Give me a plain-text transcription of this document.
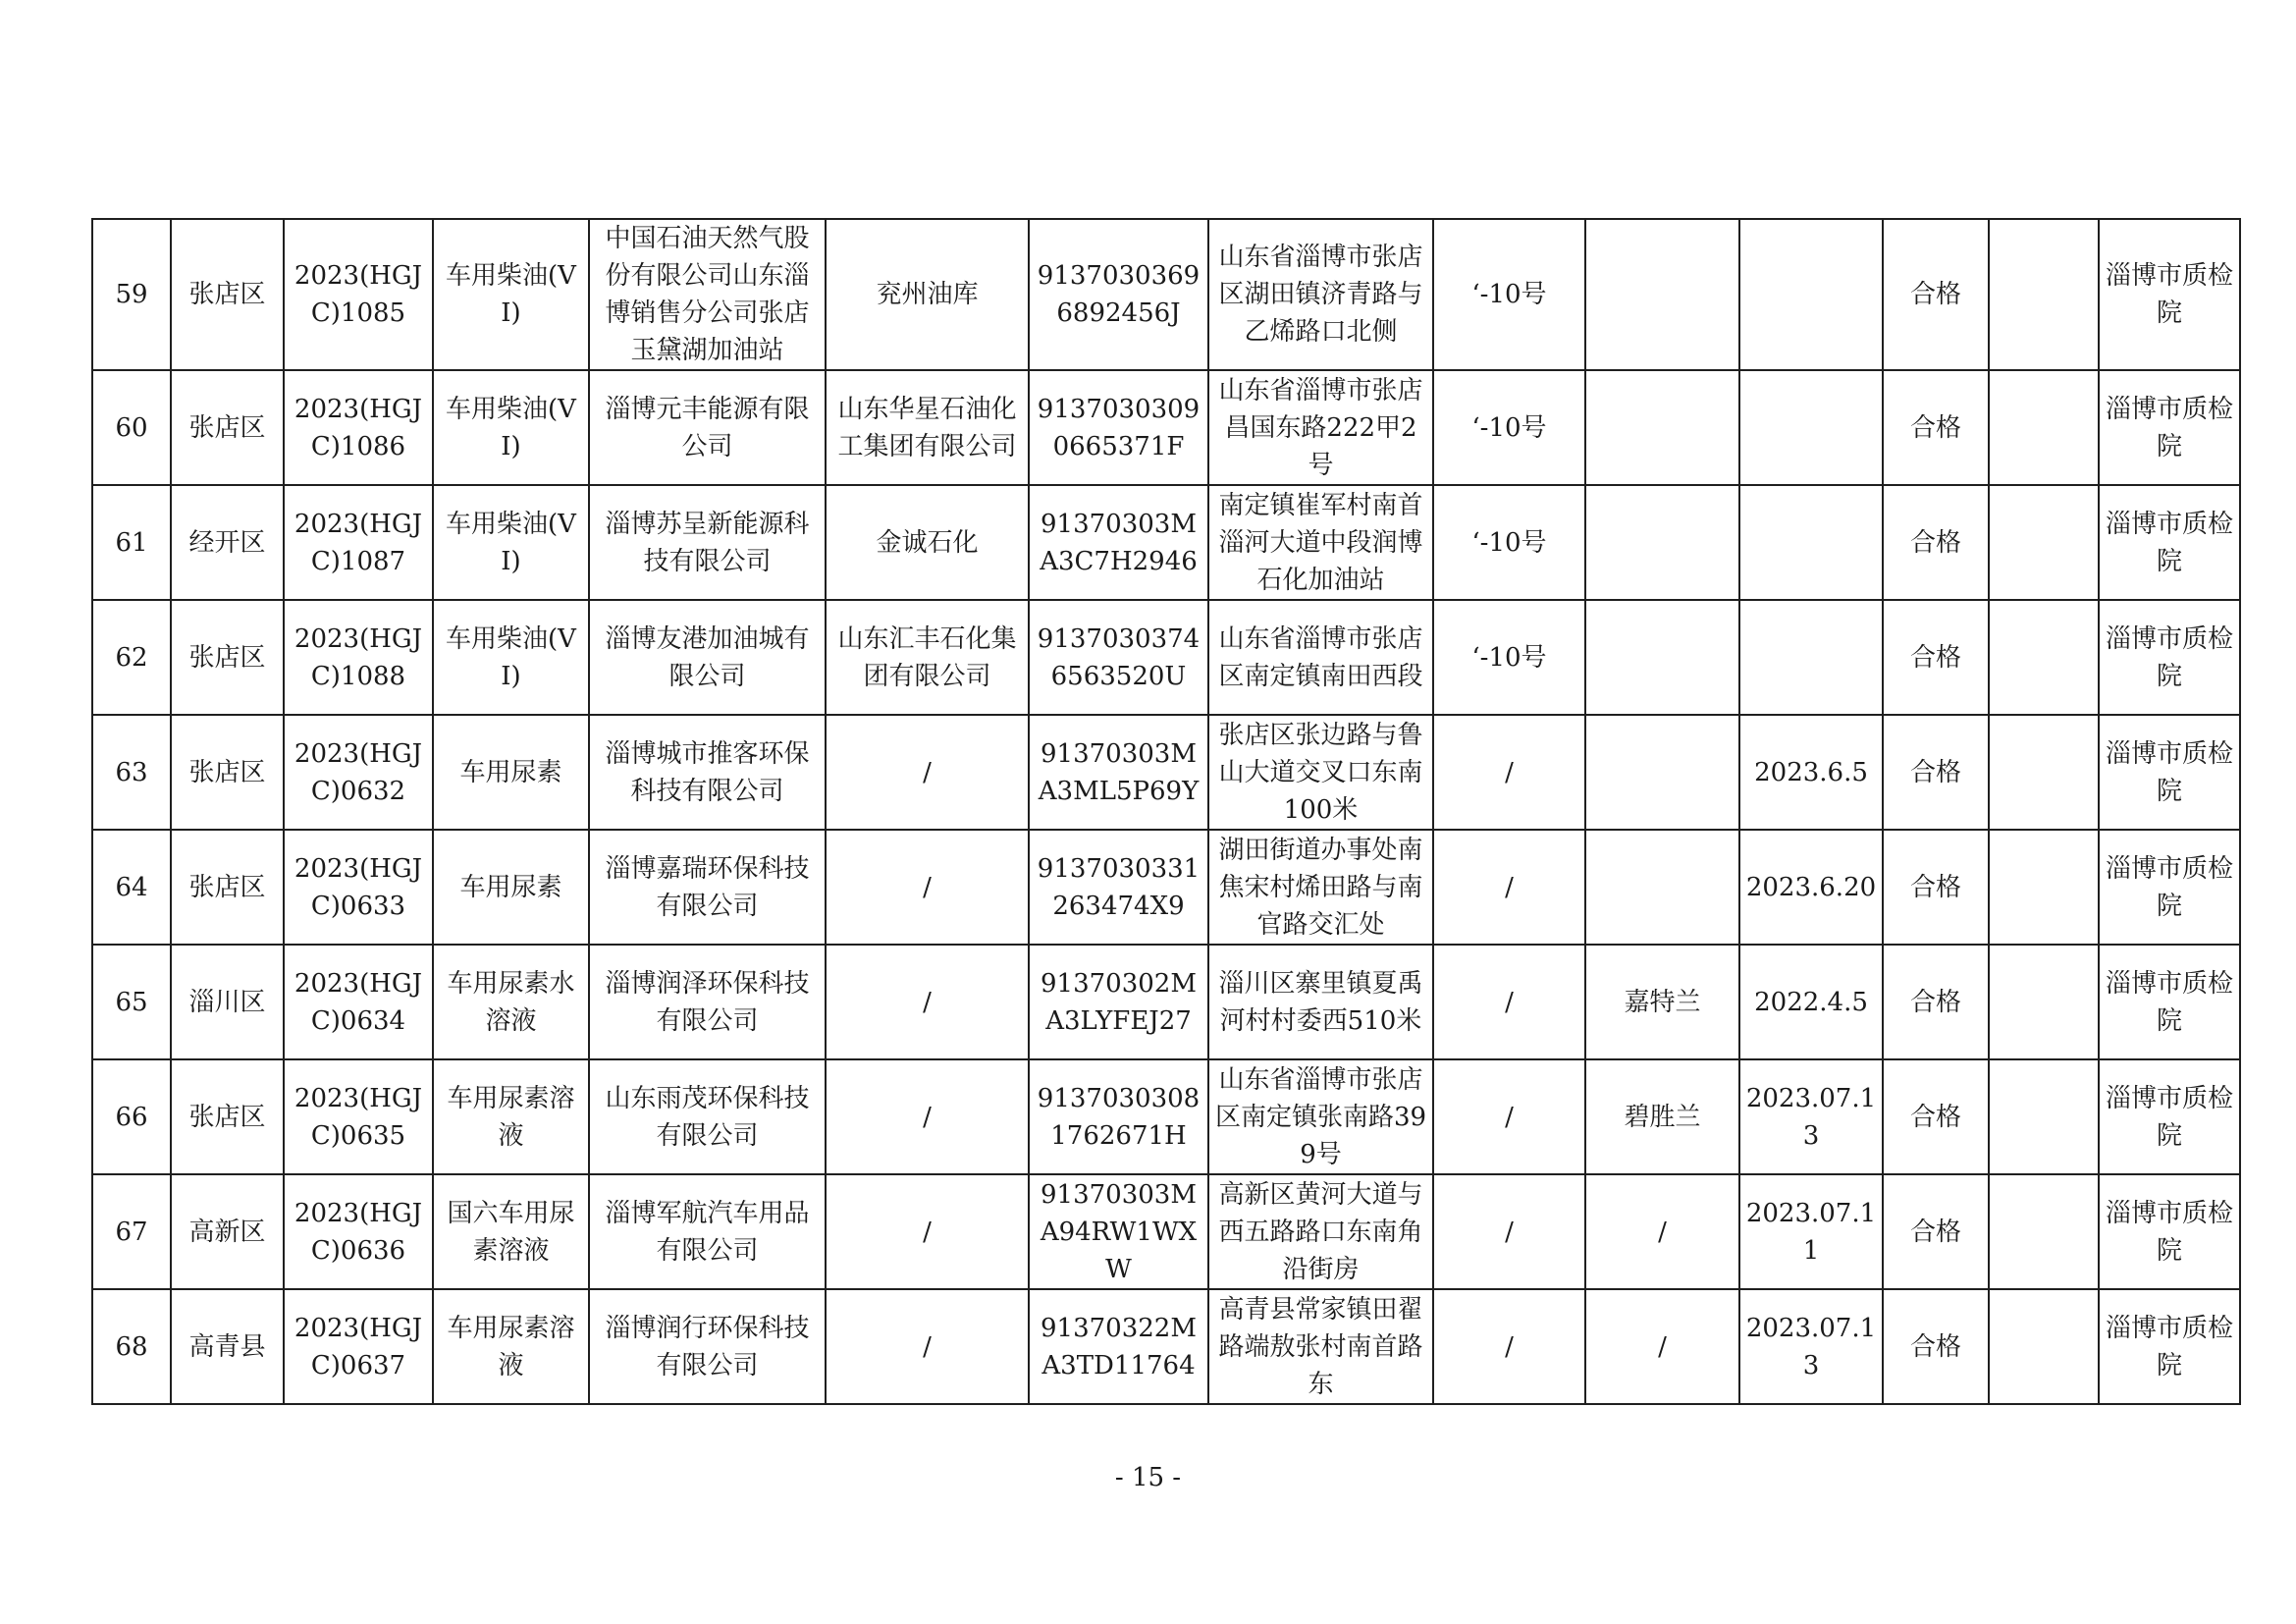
59	张店区	2023(HGJC)1085	车用柴油(VI)	中国石油天然气股份有限公司山东淄博销售分公司张店玉黛湖加油站	兖州油库	91370303696892456J	山东省淄博市张店区湖田镇济青路与乙烯路口北侧	‘-10号			合格		淄博市质检院
60	张店区	2023(HGJC)1086	车用柴油(VI)	淄博元丰能源有限公司	山东华星石油化工集团有限公司	91370303090665371F	山东省淄博市张店昌国东路222甲2号	‘-10号			合格		淄博市质检院
61	经开区	2023(HGJC)1087	车用柴油(VI)	淄博苏呈新能源科技有限公司	金诚石化	91370303MA3C7H2946	南定镇崔军村南首淄河大道中段润博石化加油站	‘-10号			合格		淄博市质检院
62	张店区	2023(HGJC)1088	车用柴油(VI)	淄博友港加油城有限公司	山东汇丰石化集团有限公司	91370303746563520U	山东省淄博市张店区南定镇南田西段	‘-10号			合格		淄博市质检院
63	张店区	2023(HGJC)0632	车用尿素	淄博城市推客环保科技有限公司	/	91370303MA3ML5P69Y	张店区张边路与鲁山大道交叉口东南100米	/		2023.6.5	合格		淄博市质检院
64	张店区	2023(HGJC)0633	车用尿素	淄博嘉瑞环保科技有限公司	/	9137030331263474X9	湖田街道办事处南焦宋村烯田路与南官路交汇处	/		2023.6.20	合格		淄博市质检院
65	淄川区	2023(HGJC)0634	车用尿素水溶液	淄博润泽环保科技有限公司	/	91370302MA3LYFEJ27	淄川区寨里镇夏禹河村村委西510米	/	嘉特兰	2022.4.5	合格		淄博市质检院
66	张店区	2023(HGJC)0635	车用尿素溶液	山东雨茂环保科技有限公司	/	91370303081762671H	山东省淄博市张店区南定镇张南路399号	/	碧胜兰	2023.07.13	合格		淄博市质检院
67	高新区	2023(HGJC)0636	国六车用尿素溶液	淄博军航汽车用品有限公司	/	91370303MA94RW1WXW	高新区黄河大道与西五路路口东南角沿街房	/	/	2023.07.11	合格		淄博市质检院
68	高青县	2023(HGJC)0637	车用尿素溶液	淄博润行环保科技有限公司	/	91370322MA3TD11764	高青县常家镇田翟路端敖张村南首路东	/	/	2023.07.13	合格		淄博市质检院
- 15 -
